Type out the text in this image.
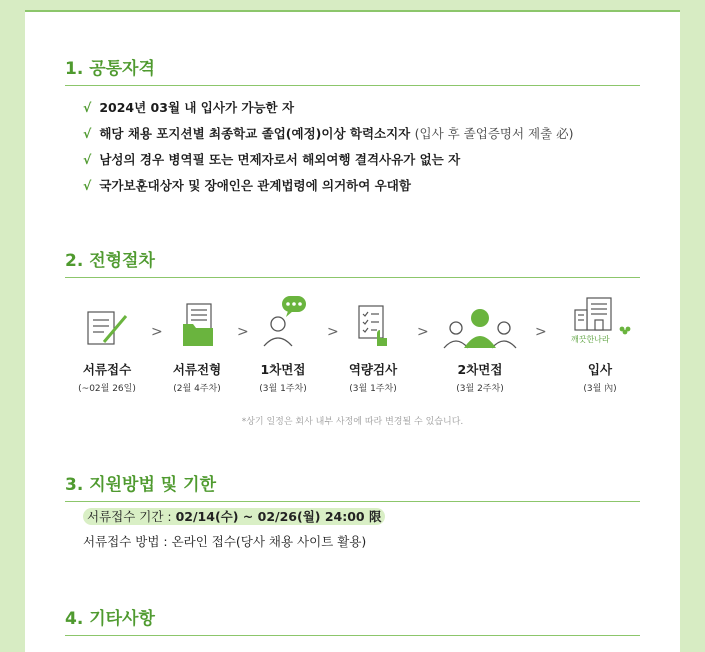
1. 공통자격
√ 2024년 03월 내 입사가 가능한 자
√ 해당 채용 포지션별 최종학교 졸업(예정)이상 학력소지자 (입사 후 졸업증명서 제출 必)
√ 남성의 경우 병역필 또는 면제자로서 해외여행 결격사유가 없는 자
√ 국가보훈대상자 및 장애인은 관계법령에 의거하여 우대함
2. 전형절차
서류접수
(~02월 26일)
>
서류전형
(2월 4주차)
>
1차면접
(3월 1주차)
>
역량검사
(3월 1주차)
>
2차면접
(3월 2주차)
>	깨끗한나라
입사
(3월 內)
*상기 일정은 회사 내부 사정에 따라 변경될 수 있습니다.
3. 지원방법 및 기한
서류접수 기간 : 02/14(수) ~ 02/26(월) 24:00 限
서류접수 방법 : 온라인 접수(당사 채용 사이트 활용)
4. 기타사항
